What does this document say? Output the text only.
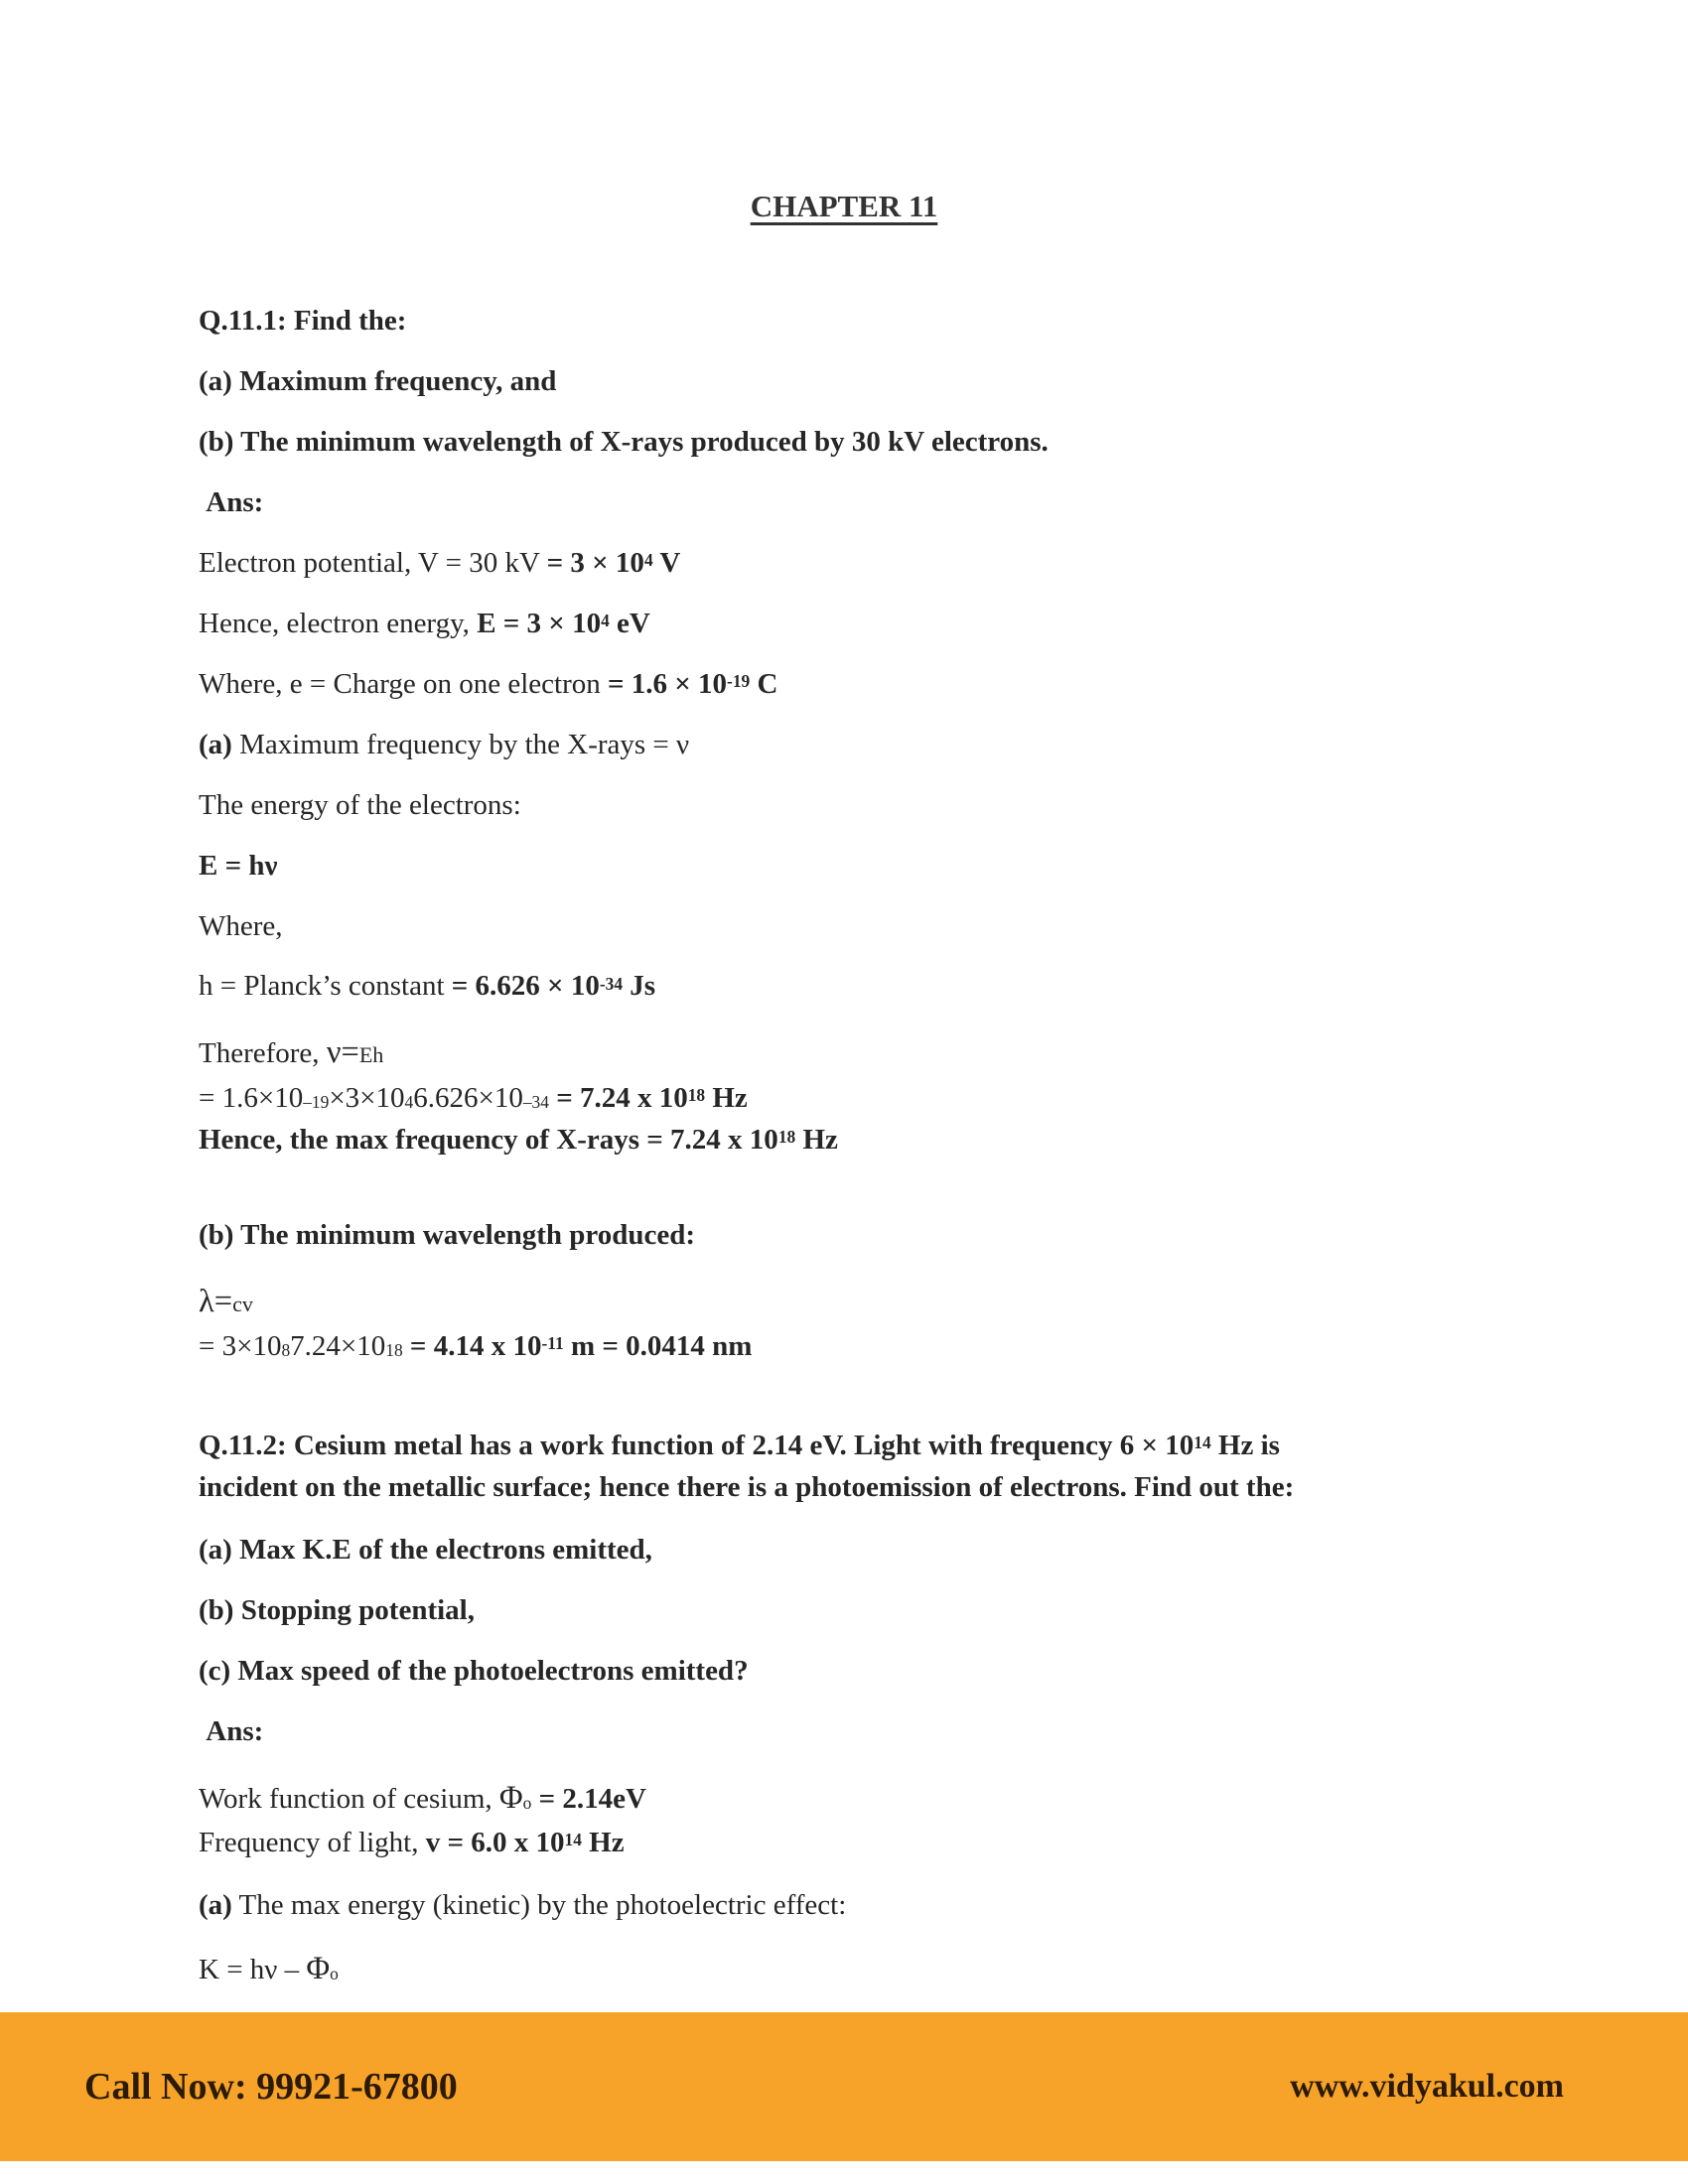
CHAPTER 11

Q.11.1: Find the:

(a) Maximum frequency, and

(b) The minimum wavelength of X-rays produced by 30 kV electrons.

Ans:

Electron potential, V = 30 kV = $3 \times 10^4$ V

Hence, electron energy, $E = 3 \times 10^4$ eV

Where, e = Charge on one electron = $1.6 \times 10^{-19}$ C

(a) Maximum frequency by the X-rays = ν

The energy of the electrons:

E = hν

Where,

h = Planck’s constant = $6.626 \times 10^{-34}$ Js

Therefore, ν=Eh
= 1.6×10–19×3×1046.626×10–34 = 7.24 x $10^{18}$ Hz
Hence, the max frequency of X-rays = 7.24 x $10^{18}$ Hz

(b) The minimum wavelength produced:

λ=cv
= 3×1087.24×1018 = 4.14 x $10^{-11}$ m = 0.0414 nm

Q.11.2: Cesium metal has a work function of 2.14 eV. Light with frequency $6 \times 10^{14}$ Hz is
incident on the metallic surface; hence there is a photoemission of electrons. Find out the:

(a) Max K.E of the electrons emitted,

(b) Stopping potential,

(c) Max speed of the photoelectrons emitted?

Ans:

Work function of cesium, Φo = 2.14eV
Frequency of light, v = 6.0 x $10^{14}$ Hz

(a) The max energy (kinetic) by the photoelectric effect:

K = hν – Φo

Call Now: 99921-67800	www.vidyakul.com
